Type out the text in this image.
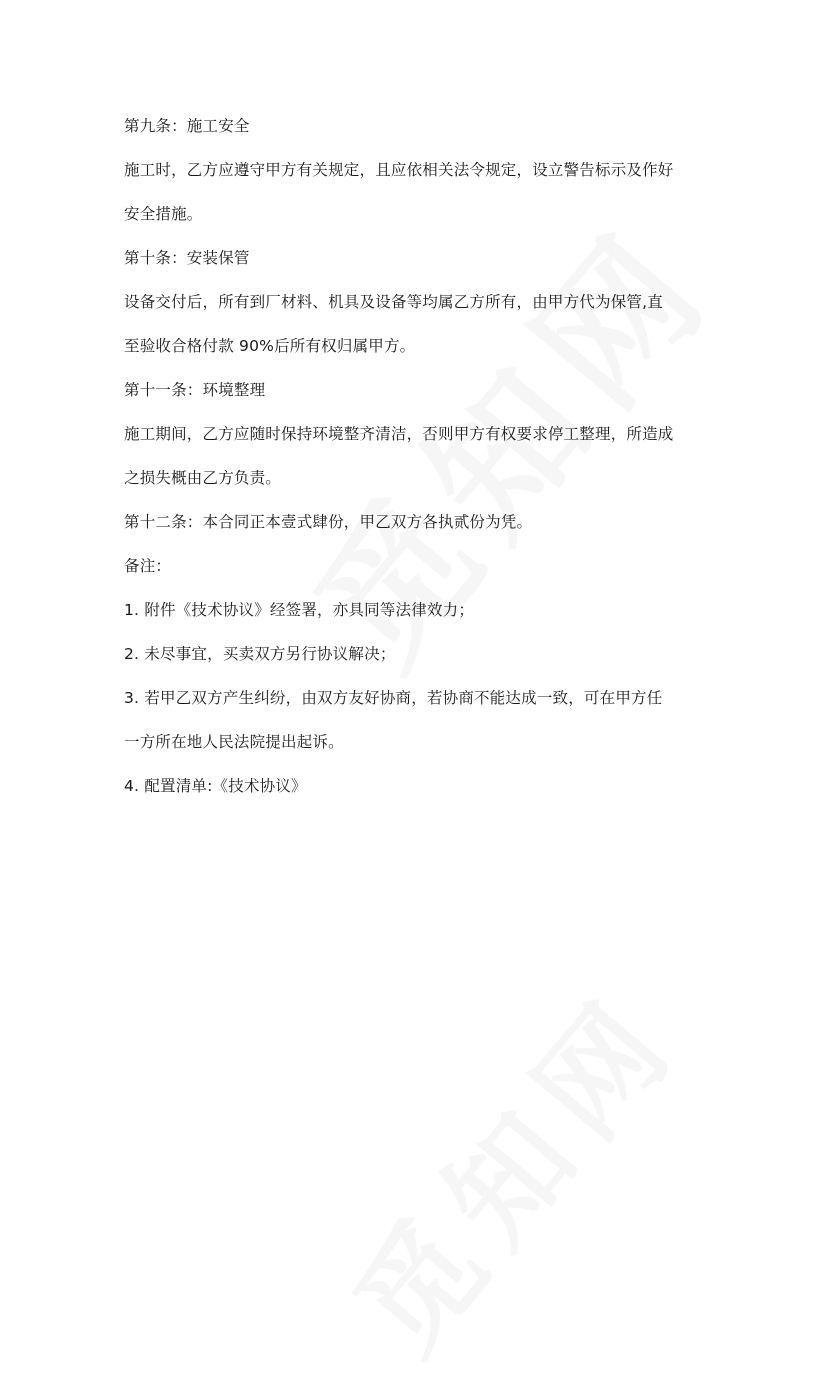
第九条：施工安全
施工时，乙方应遵守甲方有关规定，且应依相关法令规定，设立警告标示及作好
安全措施。
第十条：安装保管
设备交付后，所有到厂材料、机具及设备等均属乙方所有，由甲方代为保管,直
至验收合格付款 90%后所有权归属甲方。
第十一条：环境整理
施工期间，乙方应随时保持环境整齐清洁，否则甲方有权要求停工整理，所造成
之损失概由乙方负责。
第十二条：本合同正本壹式肆份，甲乙双方各执贰份为凭。
备注：
1. 附件《技术协议》经签署，亦具同等法律效力；
2. 未尽事宜，买卖双方另行协议解决；
3. 若甲乙双方产生纠纷，由双方友好协商，若协商不能达成一致，可在甲方任
一方所在地人民法院提出起诉。
4. 配置清单:《技术协议》
